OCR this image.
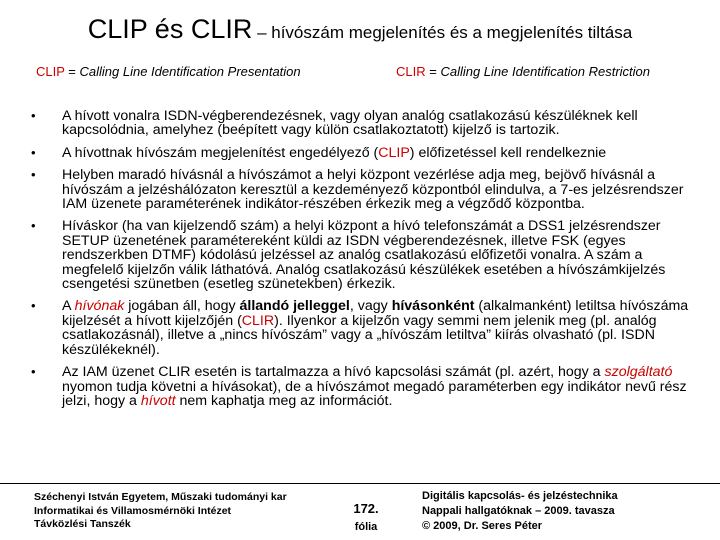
CLIP és CLIR – hívószám megjelenítés és a megjelenítés tiltása
CLIP = Calling Line Identification Presentation	CLIR = Calling Line Identification Restriction
• A hívott vonalra ISDN-végberendezésnek, vagy olyan analóg csatlakozású készüléknek kell kapcsolódnia, amelyhez (beépített vagy külön csatlakoztatott) kijelző is tartozik.
• A hívottnak hívószám megjelenítést engedélyező (CLIP) előfizetéssel kell rendelkeznie
• Helyben maradó hívásnál a hívószámot a helyi központ vezérlése adja meg, bejövő hívásnál a hívószám a jelzéshálózaton keresztül a kezdeményező központból elindulva, a 7-es jelzésrendszer IAM üzenete paraméterének indikátor-részében érkezik meg a végződő központba.
• Híváskor (ha van kijelzendő szám) a helyi központ a hívó telefonszámát a DSS1 jelzésrendszer SETUP üzenetének paramétereként küldi az ISDN végberendezésnek, illetve FSK (egyes rendszerkben DTMF) kódolású jelzéssel az analóg csatlakozású előfizetői vonalra. A szám a megfelelő kijelzőn válik láthatóvá. Analóg csatlakozású készülékek esetében a hívószámkijelzés csengetési szünetben (esetleg szünetekben) érkezik.
• A hívónak jogában áll, hogy állandó jelleggel, vagy hívásonként (alkalmanként) letiltsa hívószáma kijelzését a hívott kijelzőjén (CLIR). Ilyenkor a kijelzőn vagy semmi nem jelenik meg (pl. analóg csatlakozásnál), illetve a „nincs hívószám” vagy a „hívószám letiltva” kiírás olvasható (pl. ISDN készülékeknél).
• Az IAM üzenet CLIR esetén is tartalmazza a hívó kapcsolási számát (pl. azért, hogy a szolgáltató nyomon tudja követni a hívásokat), de a hívószámot megadó paraméterben egy indikátor nevű rész jelzi, hogy a hívott nem kaphatja meg az információt.
Széchenyi István Egyetem, Műszaki tudományi kar
Informatikai és Villamosmérnöki Intézet
Távközlési Tanszék
172.
fólia
Digitális kapcsolás- és jelzéstechnika
Nappali hallgatóknak – 2009. tavasza
© 2009, Dr. Seres Péter
